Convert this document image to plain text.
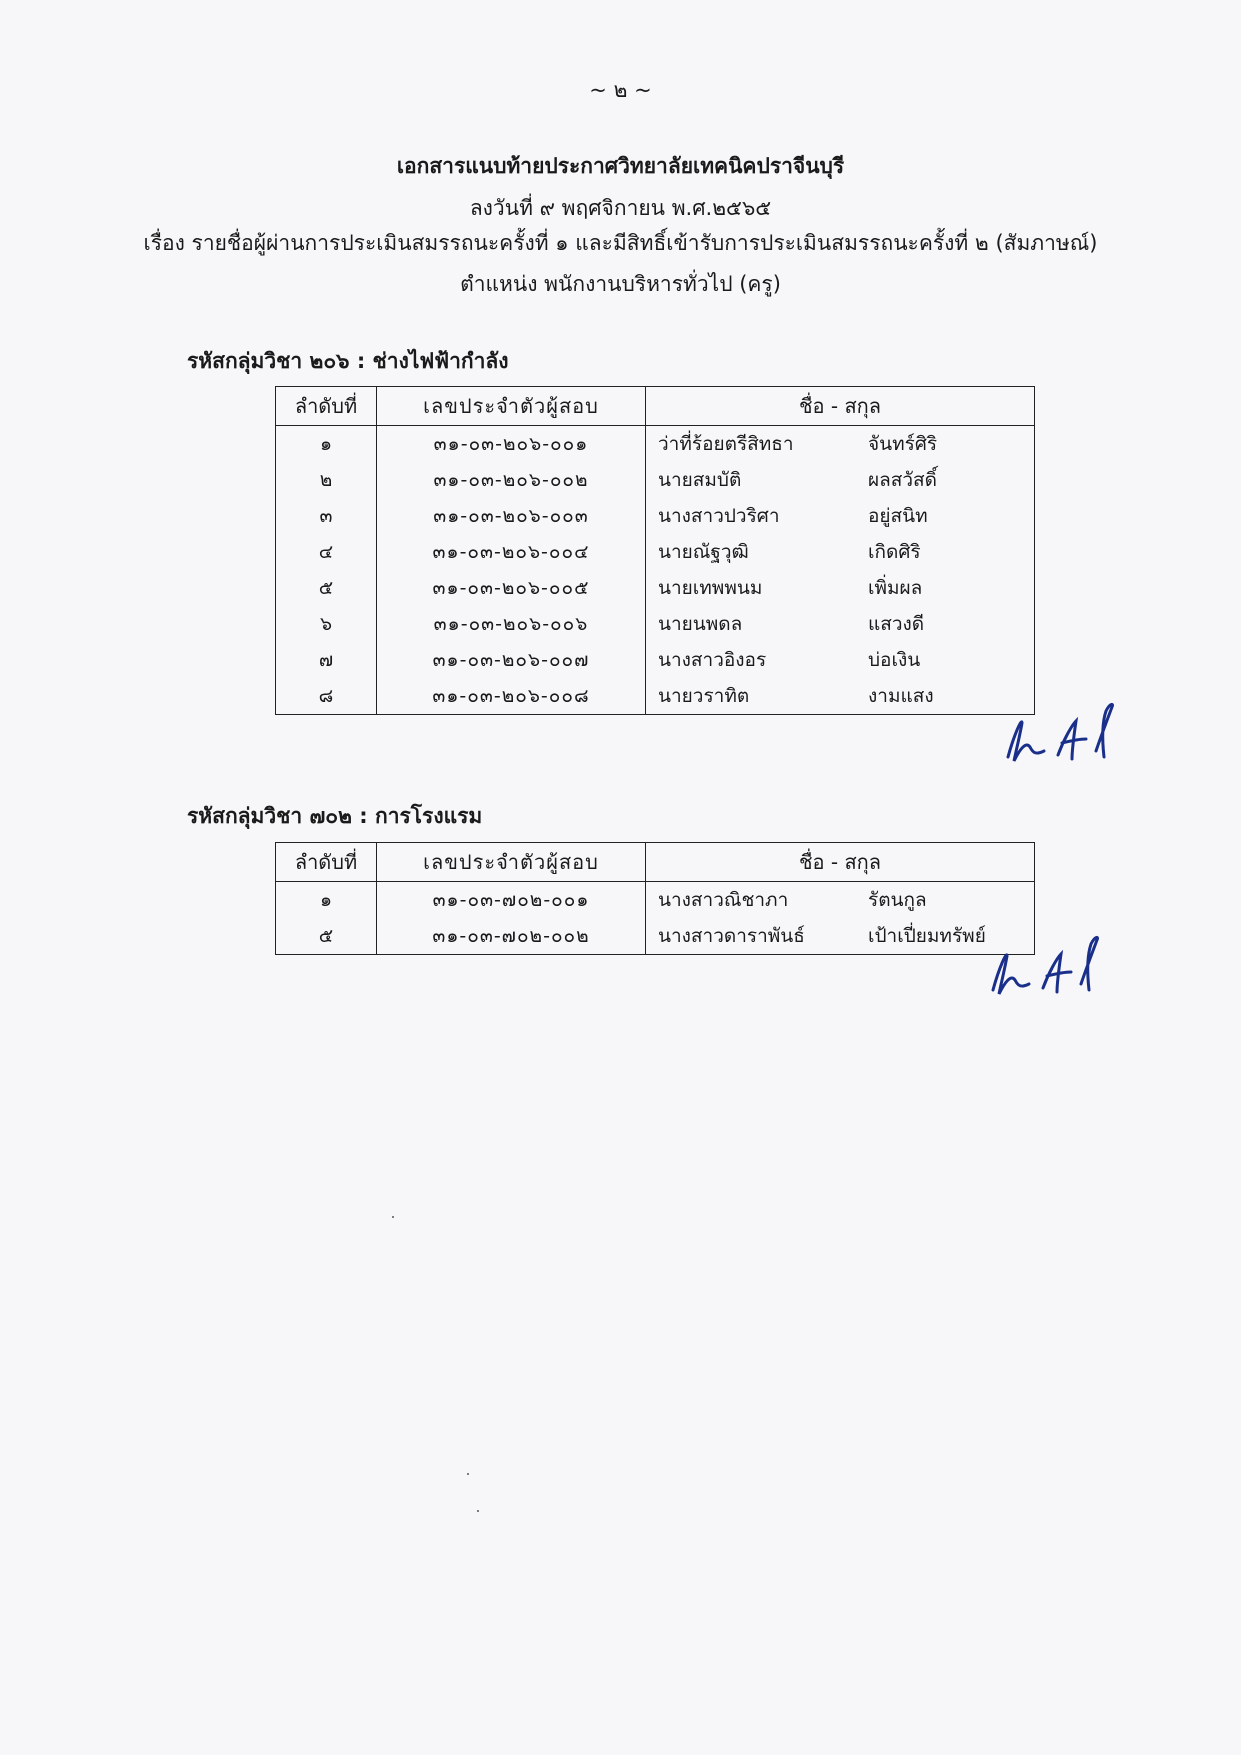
~ ๒ ~
เอกสารแนบท้ายประกาศวิทยาลัยเทคนิคปราจีนบุรี
ลงวันที่ ๙ พฤศจิกายน พ.ศ.๒๕๖๕
เรื่อง รายชื่อผู้ผ่านการประเมินสมรรถนะครั้งที่ ๑ และมีสิทธิ์เข้ารับการประเมินสมรรถนะครั้งที่ ๒ (สัมภาษณ์)
ตำแหน่ง พนักงานบริหารทั่วไป (ครู)
รหัสกลุ่มวิชา ๒๐๖ : ช่างไฟฟ้ากำลัง
ลำดับที่	เลขประจำตัวผู้สอบ	ชื่อ - สกุล
๑	๓๑-๐๓-๒๐๖-๐๐๑	ว่าที่ร้อยตรีสิทธา จันทร์ศิริ
๒	๓๑-๐๓-๒๐๖-๐๐๒	นายสมบัติ ผลสวัสดิ์
๓	๓๑-๐๓-๒๐๖-๐๐๓	นางสาวปวริศา อยู่สนิท
๔	๓๑-๐๓-๒๐๖-๐๐๔	นายณัฐวุฒิ เกิดศิริ
๕	๓๑-๐๓-๒๐๖-๐๐๕	นายเทพพนม เพิ่มผล
๖	๓๑-๐๓-๒๐๖-๐๐๖	นายนพดล แสวงดี
๗	๓๑-๐๓-๒๐๖-๐๐๗	นางสาวอิงอร บ่อเงิน
๘	๓๑-๐๓-๒๐๖-๐๐๘	นายวราทิต งามแสง
รหัสกลุ่มวิชา ๗๐๒ : การโรงแรม
ลำดับที่	เลขประจำตัวผู้สอบ	ชื่อ - สกุล
๑	๓๑-๐๓-๗๐๒-๐๐๑	นางสาวณิชาภา รัตนกูล
๕	๓๑-๐๓-๗๐๒-๐๐๒	นางสาวดาราพันธ์ เป้าเปี่ยมทรัพย์
